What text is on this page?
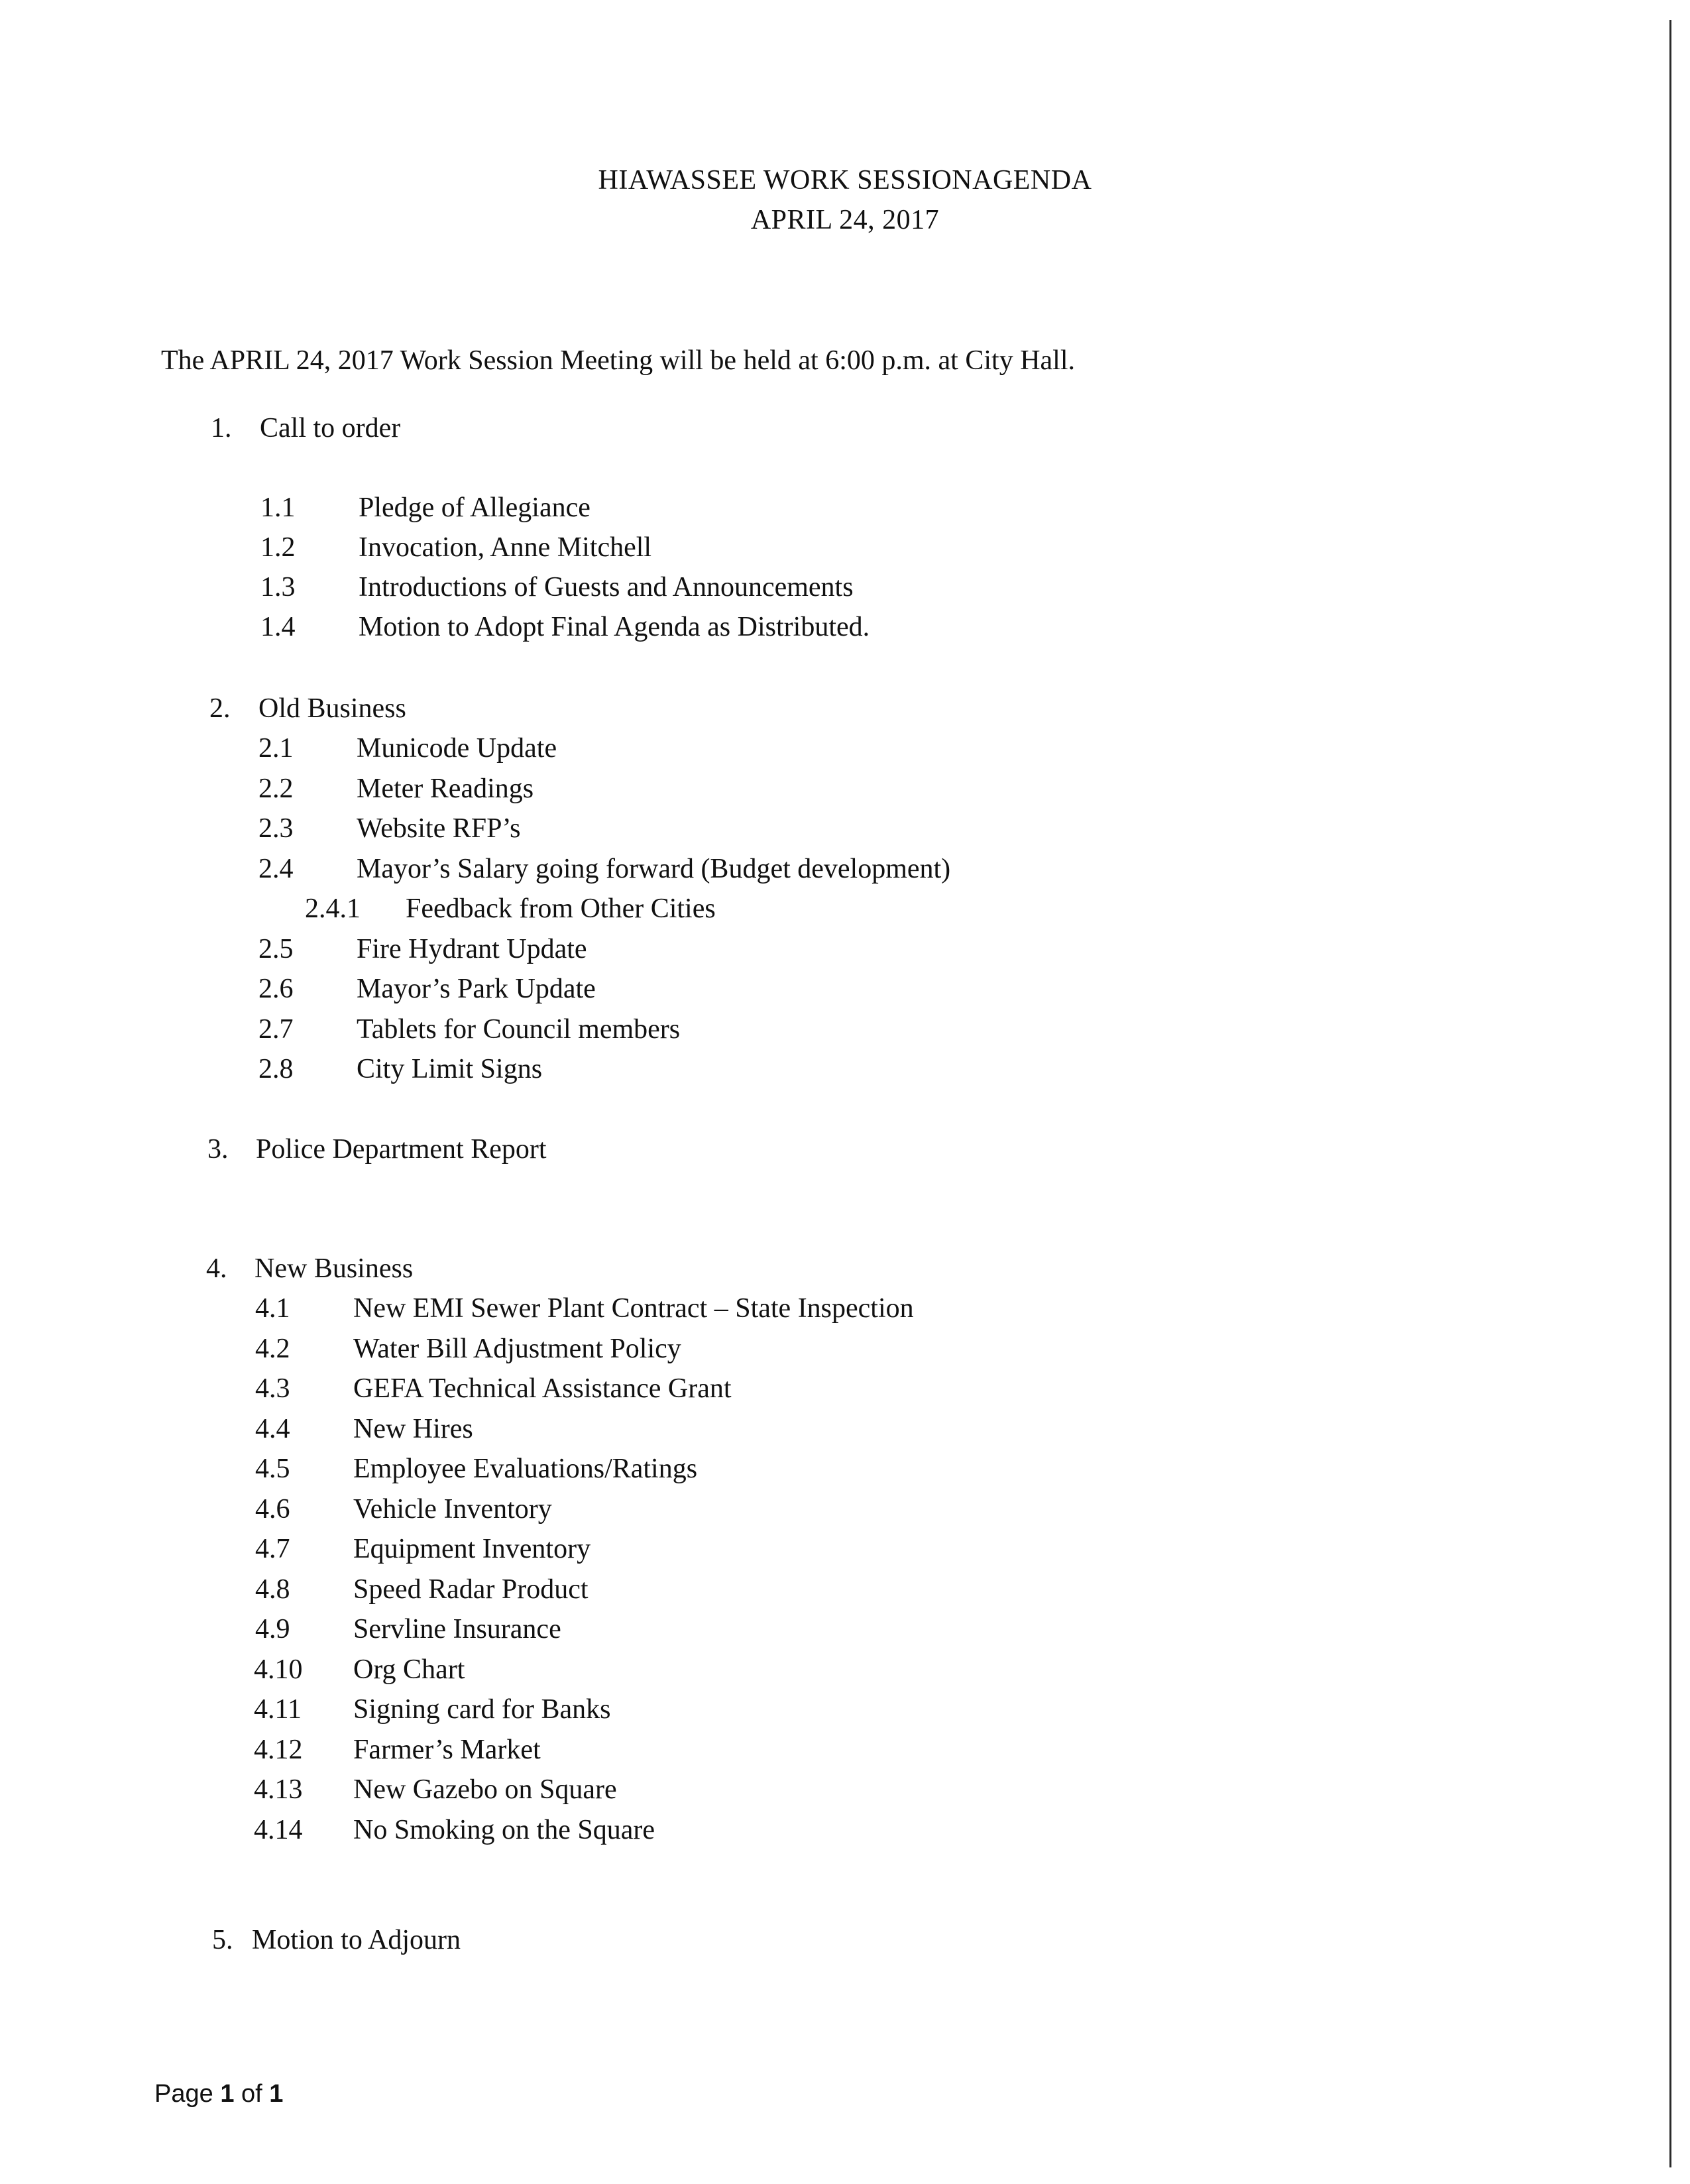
HIAWASSEE WORK SESSIONAGENDA
APRIL 24, 2017
The APRIL 24, 2017 Work Session Meeting will be held at 6:00 p.m. at City Hall.
1. Call to order
1.1 Pledge of Allegiance
1.2 Invocation, Anne Mitchell
1.3 Introductions of Guests and Announcements
1.4 Motion to Adopt Final Agenda as Distributed.
2. Old Business
2.1 Municode Update
2.2 Meter Readings
2.3 Website RFP’s
2.4 Mayor’s Salary going forward (Budget development)
2.4.1 Feedback from Other Cities
2.5 Fire Hydrant Update
2.6 Mayor’s Park Update
2.7 Tablets for Council members
2.8 City Limit Signs
3. Police Department Report
4. New Business
4.1 New EMI Sewer Plant Contract – State Inspection
4.2 Water Bill Adjustment Policy
4.3 GEFA Technical Assistance Grant
4.4 New Hires
4.5 Employee Evaluations/Ratings
4.6 Vehicle Inventory
4.7 Equipment Inventory
4.8 Speed Radar Product
4.9 Servline Insurance
4.10 Org Chart
4.11 Signing card for Banks
4.12 Farmer’s Market
4.13 New Gazebo on Square
4.14 No Smoking on the Square
5. Motion to Adjourn
Page 1 of 1
